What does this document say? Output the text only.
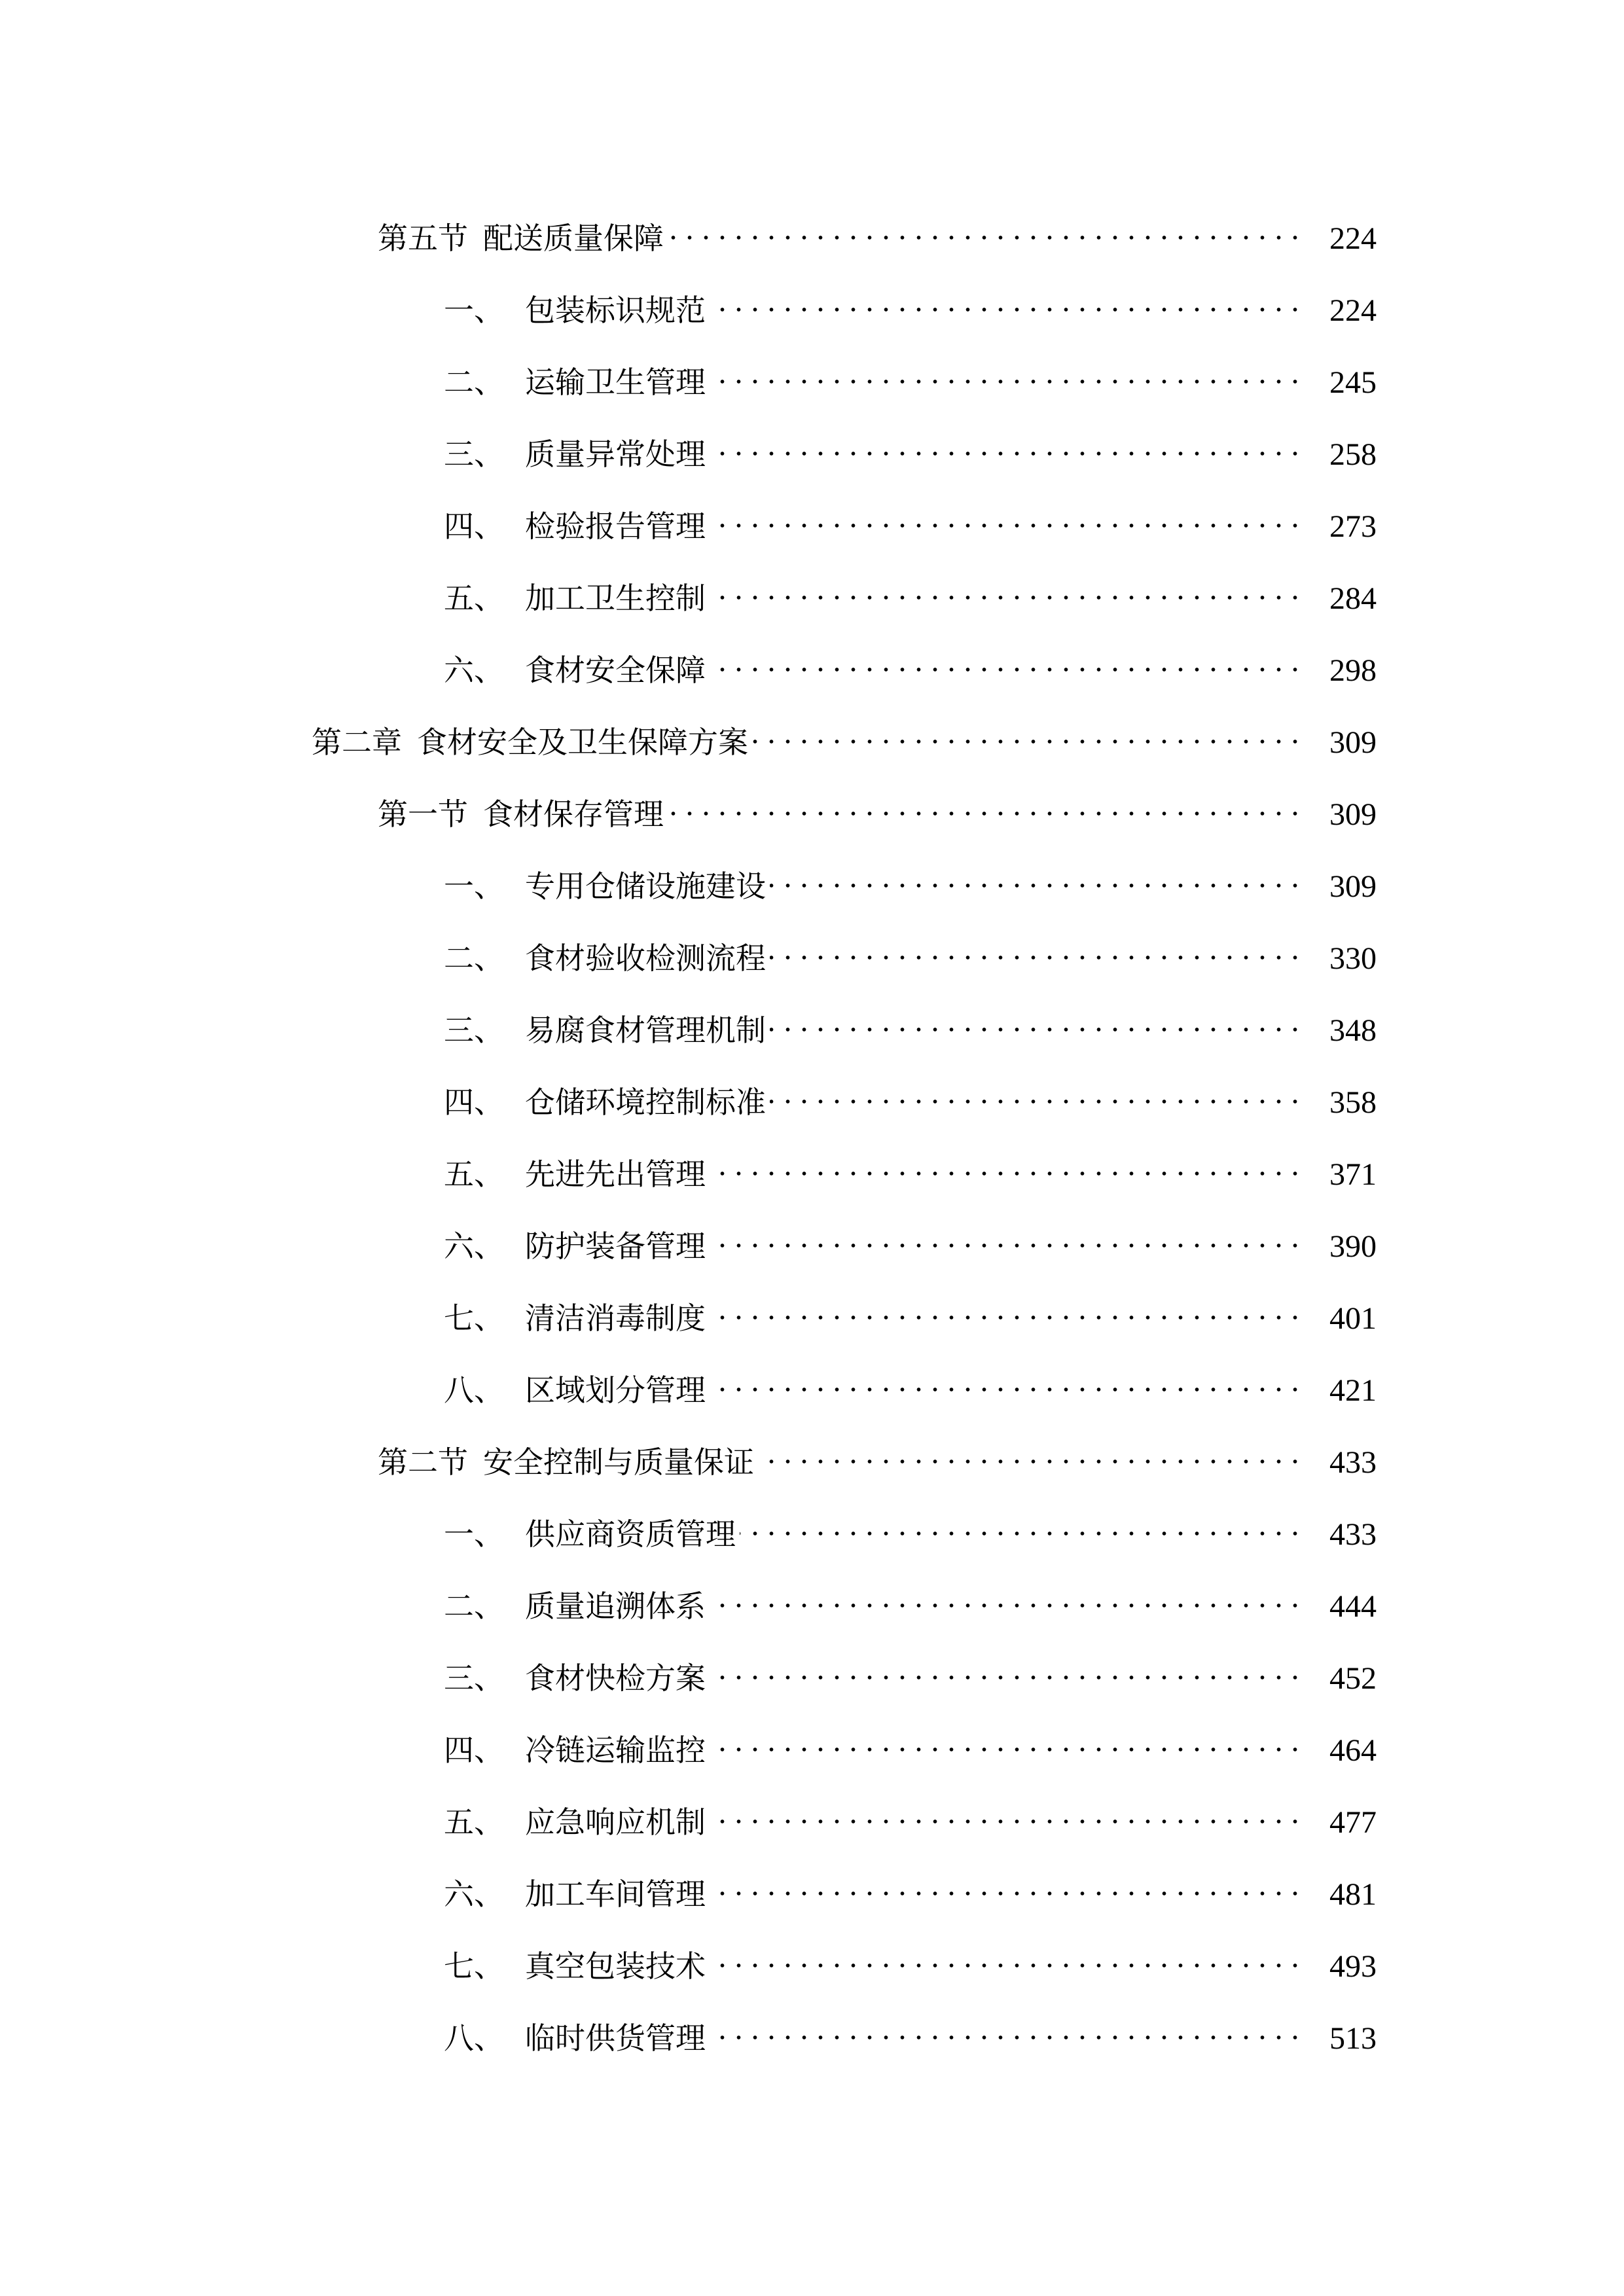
第五节  配送质量保障	224
一、 包装标识规范	224
二、 运输卫生管理	245
三、 质量异常处理	258
四、 检验报告管理	273
五、 加工卫生控制	284
六、 食材安全保障	298
第二章  食材安全及卫生保障方案	309
第一节  食材保存管理	309
一、 专用仓储设施建设	309
二、 食材验收检测流程	330
三、 易腐食材管理机制	348
四、 仓储环境控制标准	358
五、 先进先出管理	371
六、 防护装备管理	390
七、 清洁消毒制度	401
八、 区域划分管理	421
第二节  安全控制与质量保证	433
一、 供应商资质管理	433
二、 质量追溯体系	444
三、 食材快检方案	452
四、 冷链运输监控	464
五、 应急响应机制	477
六、 加工车间管理	481
七、 真空包装技术	493
八、 临时供货管理	513
